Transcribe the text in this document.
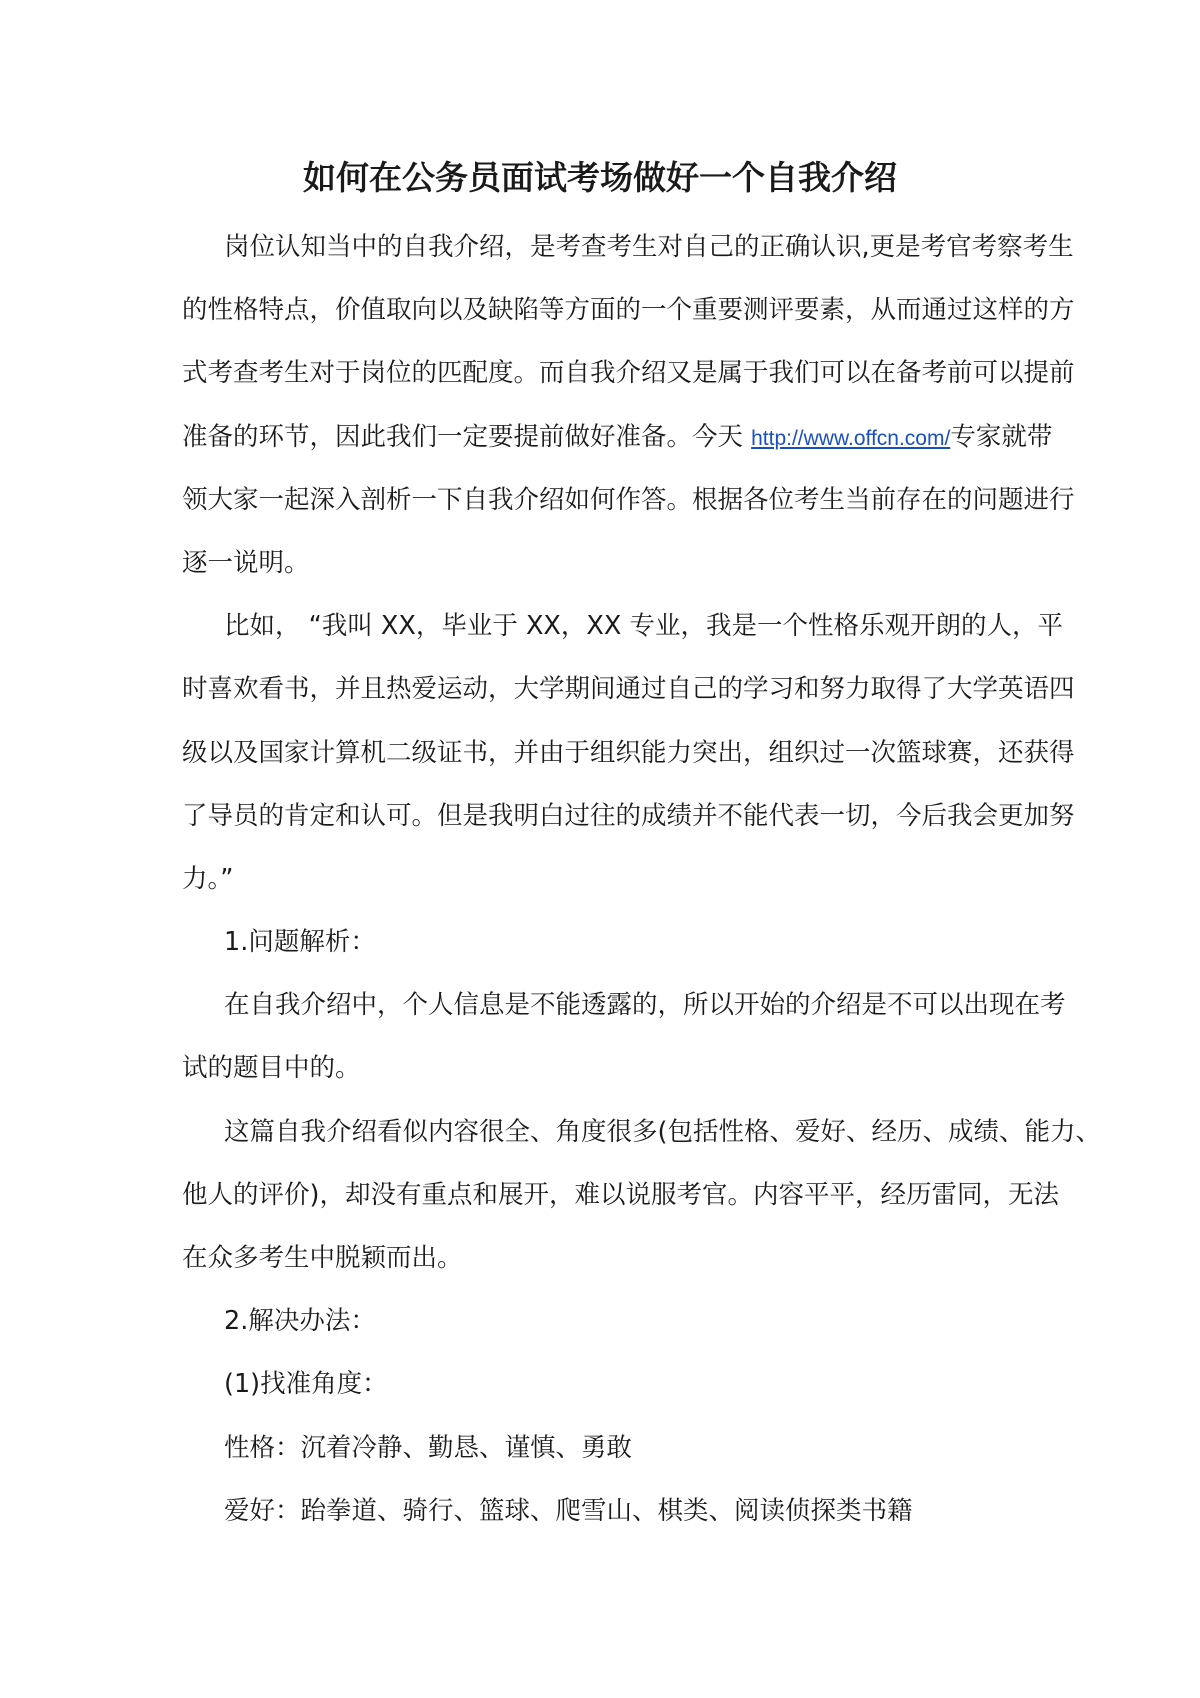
如何在公务员面试考场做好一个自我介绍
岗位认知当中的自我介绍，是考查考生对自己的正确认识,更是考官考察考生
的性格特点，价值取向以及缺陷等方面的一个重要测评要素，从而通过这样的方
式考查考生对于岗位的匹配度。而自我介绍又是属于我们可以在备考前可以提前
准备的环节，因此我们一定要提前做好准备。今天 http://www.offcn.com/专家就带
领大家一起深入剖析一下自我介绍如何作答。根据各位考生当前存在的问题进行
逐一说明。
比如， “我叫 XX，毕业于 XX，XX 专业，我是一个性格乐观开朗的人，平
时喜欢看书，并且热爱运动，大学期间通过自己的学习和努力取得了大学英语四
级以及国家计算机二级证书，并由于组织能力突出，组织过一次篮球赛，还获得
了导员的肯定和认可。但是我明白过往的成绩并不能代表一切，今后我会更加努
力。”
1.问题解析：
在自我介绍中，个人信息是不能透露的，所以开始的介绍是不可以出现在考
试的题目中的。
这篇自我介绍看似内容很全、角度很多(包括性格、爱好、经历、成绩、能力、
他人的评价)，却没有重点和展开，难以说服考官。内容平平，经历雷同，无法
在众多考生中脱颖而出。
2.解决办法：
(1)找准角度：
性格：沉着冷静、勤恳、谨慎、勇敢
爱好：跆拳道、骑行、篮球、爬雪山、棋类、阅读侦探类书籍
